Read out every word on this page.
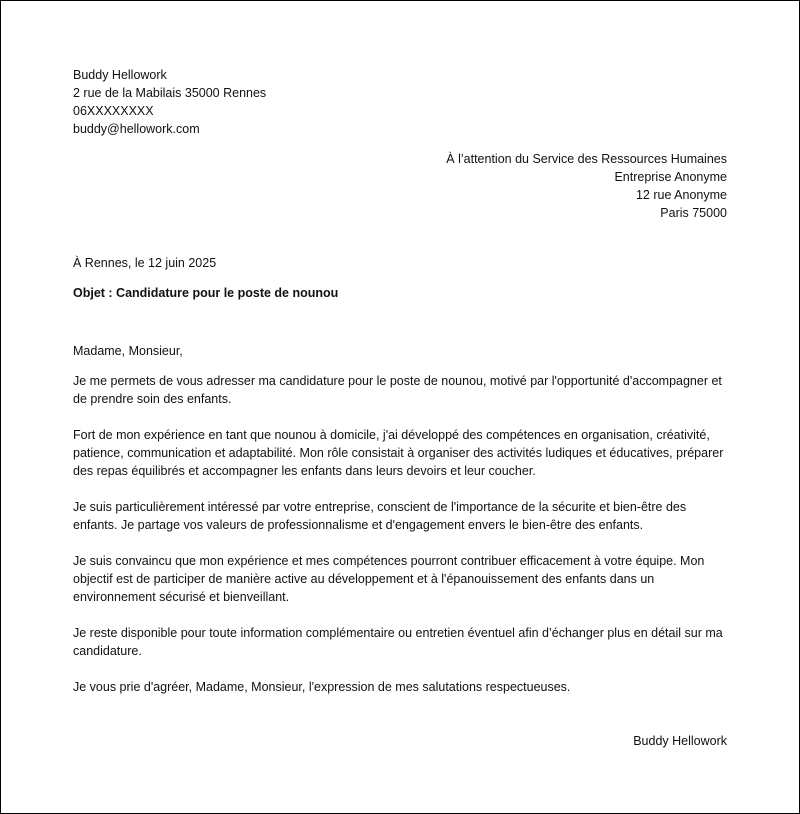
Buddy Hellowork
2 rue de la Mabilais 35000 Rennes
06XXXXXXXX
buddy@hellowork.com
À l’attention du Service des Ressources Humaines
Entreprise Anonyme
12 rue Anonyme
Paris 75000
À Rennes, le 12 juin 2025
Objet : Candidature pour le poste de nounou
Madame, Monsieur,

Je me permets de vous adresser ma candidature pour le poste de nounou, motivé par l'opportunité d'accompagner et de prendre soin des enfants.

Fort de mon expérience en tant que nounou à domicile, j'ai développé des compétences en organisation, créativité, patience, communication et adaptabilité. Mon rôle consistait à organiser des activités ludiques et éducatives, préparer des repas équilibrés et accompagner les enfants dans leurs devoirs et leur coucher.

Je suis particulièrement intéressé par votre entreprise, conscient de l'importance de la sécurite et bien-être des enfants. Je partage vos valeurs de professionnalisme et d'engagement envers le bien-être des enfants.

Je suis convaincu que mon expérience et mes compétences pourront contribuer efficacement à votre équipe. Mon objectif est de participer de manière active au développement et à l'épanouissement des enfants dans un environnement sécurisé et bienveillant.

Je reste disponible pour toute information complémentaire ou entretien éventuel afin d’échanger plus en détail sur ma candidature.

Je vous prie d'agréer, Madame, Monsieur, l'expression de mes salutations respectueuses.

Buddy Hellowork
